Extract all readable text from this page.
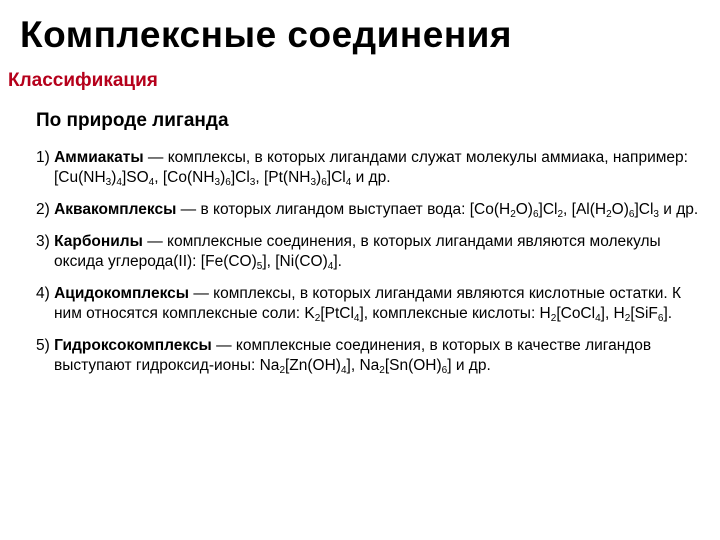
Комплексные соединения
Классификация
По природе лиганда
1) Аммиакаты — комплексы, в которых лигандами служат молекулы аммиака, например: $[Cu(NH_3)_4]SO_4$, $[Co(NH_3)_6]Cl_3$, $[Pt(NH_3)_6]Cl_4$ и др.
2) Аквакомплексы — в которых лигандом выступает вода: $[Co(H_2O)_6]Cl_2$, $[Al(H_2O)_6]Cl_3$ и др.
3) Карбонилы — комплексные соединения, в которых лигандами являются молекулы оксида углерода(II): $[Fe(CO)_5]$, $[Ni(CO)_4]$.
4) Ацидокомплексы — комплексы, в которых лигандами являются кислотные остатки. К ним относятся комплексные соли: $K_2[PtCl_4]$, комплексные кислоты: $H_2[CoCl_4]$, $H_2[SiF_6]$.
5) Гидроксокомплексы — комплексные соединения, в которых в качестве лигандов выступают гидроксид-ионы: $Na_2[Zn(OH)_4]$, $Na_2[Sn(OH)_6]$ и др.
